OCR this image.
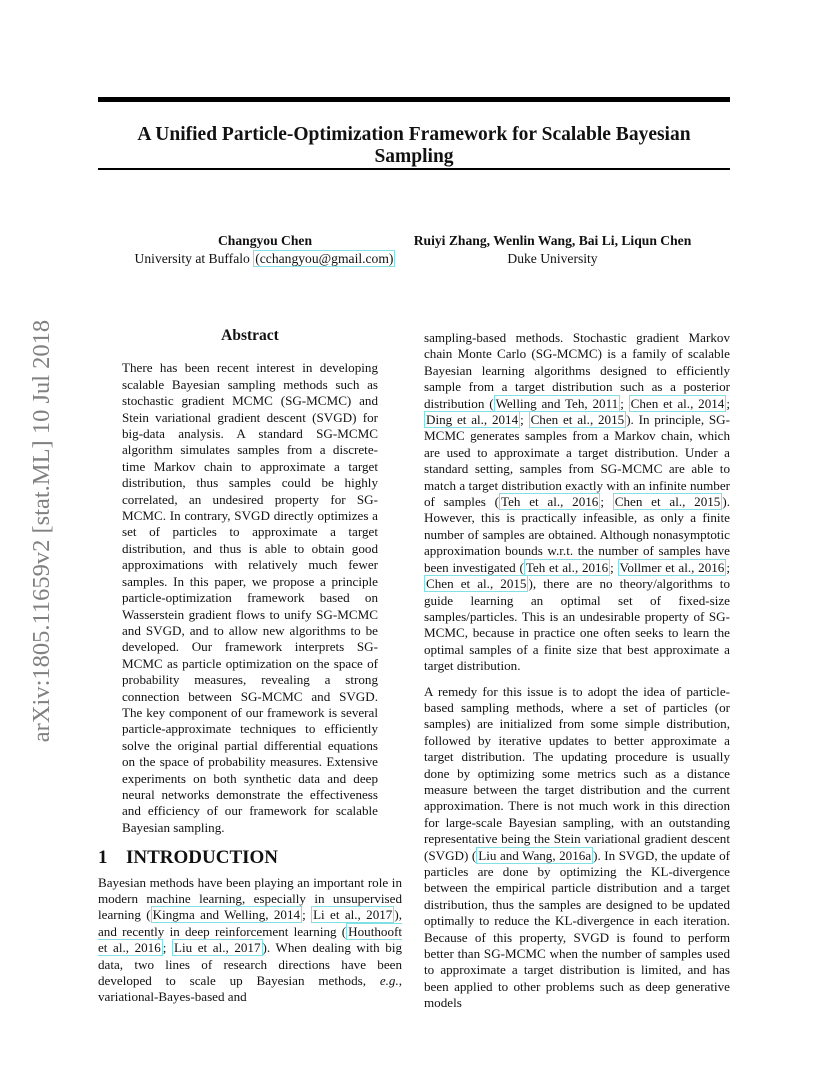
A Unified Particle-Optimization Framework for Scalable Bayesian Sampling
Changyou Chen
University at Buffalo (cchangyou@gmail.com)
Ruiyi Zhang, Wenlin Wang, Bai Li, Liqun Chen
Duke University
arXiv:1805.11659v2 [stat.ML] 10 Jul 2018	Abstract

There has been recent interest in developing scalable Bayesian sampling methods such as stochastic gradient MCMC (SG-MCMC) and Stein variational gradient descent (SVGD) for big-data analysis. A standard SG-MCMC algorithm simulates samples from a discrete-time Markov chain to approximate a target distribution, thus samples could be highly correlated, an undesired property for SG-MCMC. In contrary, SVGD directly optimizes a set of particles to approximate a target distribution, and thus is able to obtain good approximations with relatively much fewer samples. In this paper, we propose a principle particle-optimization framework based on Wasserstein gradient flows to unify SG-MCMC and SVGD, and to allow new algorithms to be developed. Our framework interprets SG-MCMC as particle optimization on the space of probability measures, revealing a strong connection between SG-MCMC and SVGD. The key component of our framework is several particle-approximate techniques to efficiently solve the original partial differential equations on the space of probability measures. Extensive experiments on both synthetic data and deep neural networks demonstrate the effectiveness and efficiency of our framework for scalable Bayesian sampling.

1 INTRODUCTION

Bayesian methods have been playing an important role in modern machine learning, especially in unsupervised learning ( Kingma and Welling, 2014 ; Li et al., 2017 ), and recently in deep reinforcement learning ( Houthooft et al., 2016 ; Liu et al., 2017 ). When dealing with big data, two lines of research directions have been developed to scale up Bayesian methods, e.g., variational-Bayes-based and

sampling-based methods. Stochastic gradient Markov chain Monte Carlo (SG-MCMC) is a family of scalable Bayesian learning algorithms designed to efficiently sample from a target distribution such as a posterior distribution ( Welling and Teh, 2011 ; Chen et al., 2014 ; Ding et al., 2014 ; Chen et al., 2015 ). In principle, SG-MCMC generates samples from a Markov chain, which are used to approximate a target distribution. Under a standard setting, samples from SG-MCMC are able to match a target distribution exactly with an infinite number of samples ( Teh et al., 2016 ; Chen et al., 2015 ). However, this is practically infeasible, as only a finite number of samples are obtained. Although nonasymptotic approximation bounds w.r.t. the number of samples have been investigated ( Teh et al., 2016 ; Vollmer et al., 2016 ; Chen et al., 2015 ), there are no theory/algorithms to guide learning an optimal set of fixed-size samples/particles. This is an undesirable property of SG-MCMC, because in practice one often seeks to learn the optimal samples of a finite size that best approximate a target distribution.

A remedy for this issue is to adopt the idea of particle-based sampling methods, where a set of particles (or samples) are initialized from some simple distribution, followed by iterative updates to better approximate a target distribution. The updating procedure is usually done by optimizing some metrics such as a distance measure between the target distribution and the current approximation. There is not much work in this direction for large-scale Bayesian sampling, with an outstanding representative being the Stein variational gradient descent (SVGD) ( Liu and Wang, 2016a ). In SVGD, the update of particles are done by optimizing the KL-divergence between the empirical particle distribution and a target distribution, thus the samples are designed to be updated optimally to reduce the KL-divergence in each iteration. Because of this property, SVGD is found to perform better than SG-MCMC when the number of samples used to approximate a target distribution is limited, and has been applied to other problems such as deep generative models
